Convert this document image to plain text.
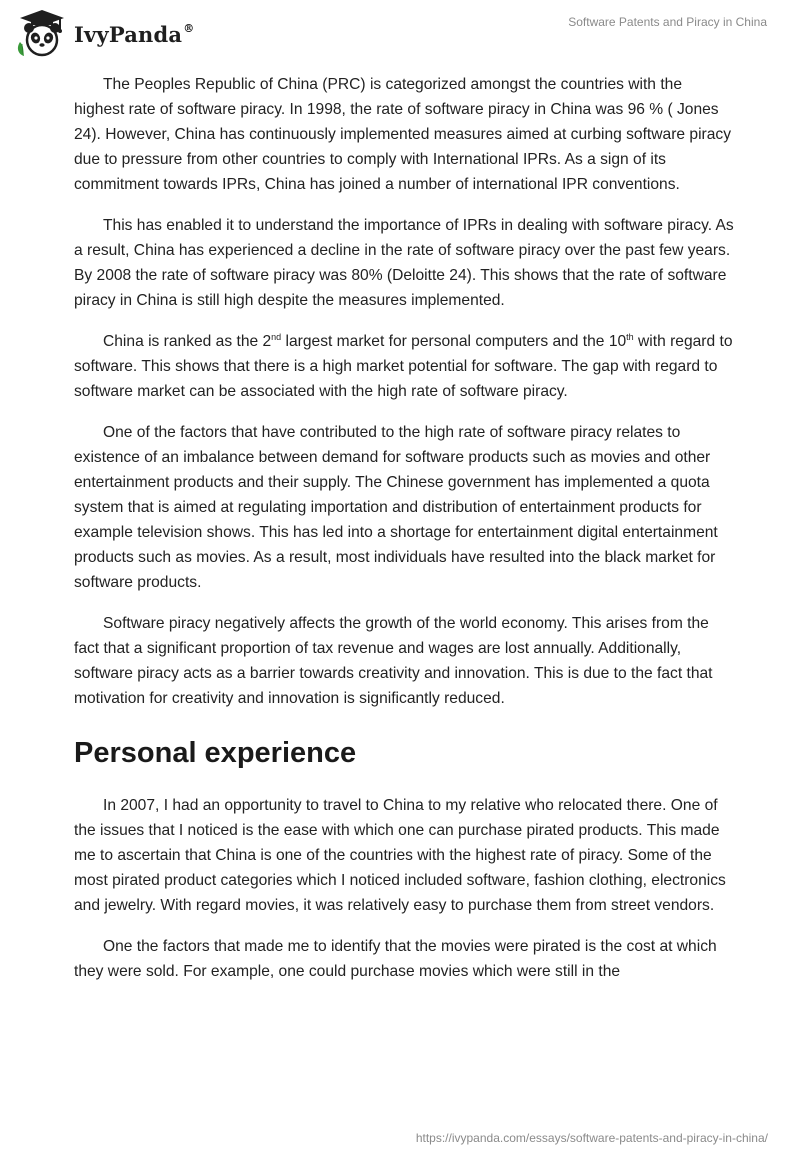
IvyPanda®	Software Patents and Piracy in China

The Peoples Republic of China (PRC) is categorized amongst the countries with the highest rate of software piracy. In 1998, the rate of software piracy in China was 96 % ( Jones 24). However, China has continuously implemented measures aimed at curbing software piracy due to pressure from other countries to comply with International IPRs. As a sign of its commitment towards IPRs, China has joined a number of international IPR conventions.

This has enabled it to understand the importance of IPRs in dealing with software piracy. As a result, China has experienced a decline in the rate of software piracy over the past few years. By 2008 the rate of software piracy was 80% (Deloitte 24). This shows that the rate of software piracy in China is still high despite the measures implemented.

China is ranked as the 2nd largest market for personal computers and the 10th with regard to software. This shows that there is a high market potential for software. The gap with regard to software market can be associated with the high rate of software piracy.

One of the factors that have contributed to the high rate of software piracy relates to existence of an imbalance between demand for software products such as movies and other entertainment products and their supply. The Chinese government has implemented a quota system that is aimed at regulating importation and distribution of entertainment products for example television shows. This has led into a shortage for entertainment digital entertainment products such as movies. As a result, most individuals have resulted into the black market for software products.

Software piracy negatively affects the growth of the world economy. This arises from the fact that a significant proportion of tax revenue and wages are lost annually. Additionally, software piracy acts as a barrier towards creativity and innovation. This is due to the fact that motivation for creativity and innovation is significantly reduced.

Personal experience

In 2007, I had an opportunity to travel to China to my relative who relocated there. One of the issues that I noticed is the ease with which one can purchase pirated products. This made me to ascertain that China is one of the countries with the highest rate of piracy. Some of the most pirated product categories which I noticed included software, fashion clothing, electronics and jewelry. With regard movies, it was relatively easy to purchase them from street vendors.

One the factors that made me to identify that the movies were pirated is the cost at which they were sold. For example, one could purchase movies which were still in the

https://ivypanda.com/essays/software-patents-and-piracy-in-china/
